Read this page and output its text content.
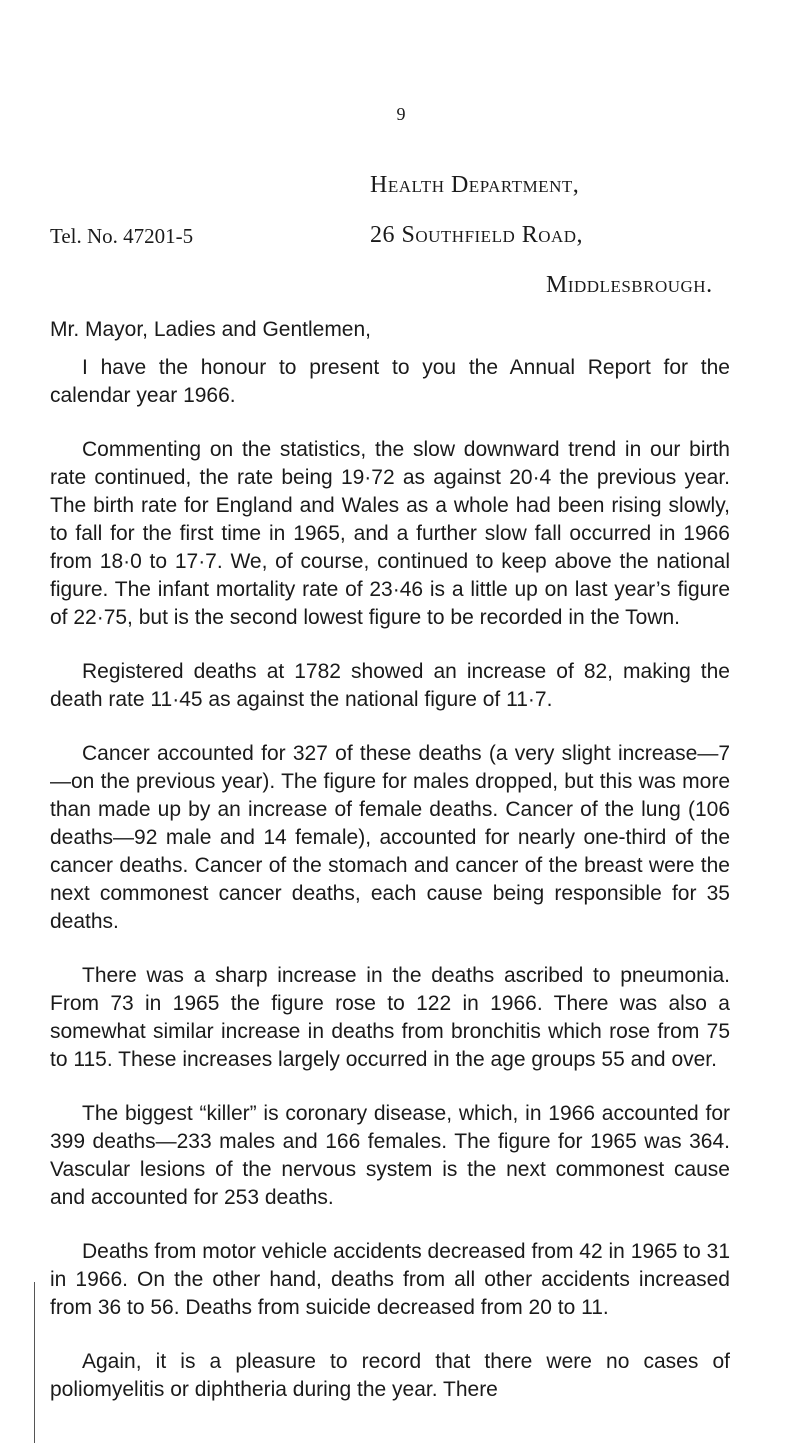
9
Health Department,
Tel. No. 47201-5	26 Southfield Road,
Middlesbrough.
Mr. Mayor, Ladies and Gentlemen,

I have the honour to present to you the Annual Report for the calendar year 1966.

Commenting on the statistics, the slow downward trend in our birth rate continued, the rate being 19·72 as against 20·4 the previous year. The birth rate for England and Wales as a whole had been rising slowly, to fall for the first time in 1965, and a further slow fall occurred in 1966 from 18·0 to 17·7. We, of course, continued to keep above the national figure. The infant mortality rate of 23·46 is a little up on last year’s figure of 22·75, but is the second lowest figure to be recorded in the Town.

Registered deaths at 1782 showed an increase of 82, making the death rate 11·45 as against the national figure of 11·7.

Cancer accounted for 327 of these deaths (a very slight increase—7—on the previous year). The figure for males dropped, but this was more than made up by an increase of female deaths. Cancer of the lung (106 deaths—92 male and 14 female), accounted for nearly one-third of the cancer deaths. Cancer of the stomach and cancer of the breast were the next commonest cancer deaths, each cause being responsible for 35 deaths.

There was a sharp increase in the deaths ascribed to pneumonia. From 73 in 1965 the figure rose to 122 in 1966. There was also a somewhat similar increase in deaths from bronchitis which rose from 75 to 115. These increases largely occurred in the age groups 55 and over.

The biggest “killer” is coronary disease, which, in 1966 accounted for 399 deaths—233 males and 166 females. The figure for 1965 was 364. Vascular lesions of the nervous system is the next commonest cause and accounted for 253 deaths.

Deaths from motor vehicle accidents decreased from 42 in 1965 to 31 in 1966. On the other hand, deaths from all other accidents increased from 36 to 56. Deaths from suicide decreased from 20 to 11.

Again, it is a pleasure to record that there were no cases of poliomyelitis or diphtheria during the year. There
